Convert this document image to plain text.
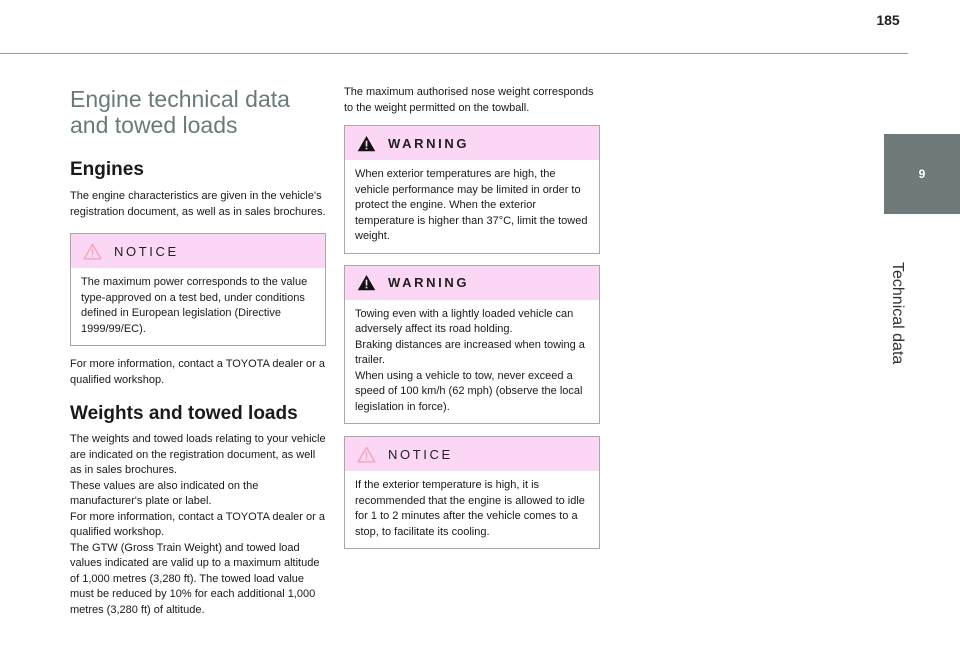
185
9
Technical data
Engine technical data and towed loads
Engines

The engine characteristics are given in the vehicle's registration document, as well as in sales brochures.

NOTICE

The maximum power corresponds to the value type-approved on a test bed, under conditions defined in European legislation (Directive 1999/99/EC).

For more information, contact a TOYOTA dealer or a qualified workshop.

Weights and towed loads

The weights and towed loads relating to your vehicle are indicated on the registration document, as well as in sales brochures.
These values are also indicated on the manufacturer's plate or label.
For more information, contact a TOYOTA dealer or a qualified workshop.
The GTW (Gross Train Weight) and towed load values indicated are valid up to a maximum altitude of 1,000 metres (3,280 ft). The towed load value must be reduced by 10% for each additional 1,000 metres (3,280 ft) of altitude.

The maximum authorised nose weight corresponds to the weight permitted on the towball.

WARNING

When exterior temperatures are high, the vehicle performance may be limited in order to protect the engine. When the exterior temperature is higher than 37°C, limit the towed weight.

WARNING

Towing even with a lightly loaded vehicle can adversely affect its road holding.
Braking distances are increased when towing a trailer.
When using a vehicle to tow, never exceed a speed of 100 km/h (62 mph) (observe the local legislation in force).

NOTICE

If the exterior temperature is high, it is recommended that the engine is allowed to idle for 1 to 2 minutes after the vehicle comes to a stop, to facilitate its cooling.
